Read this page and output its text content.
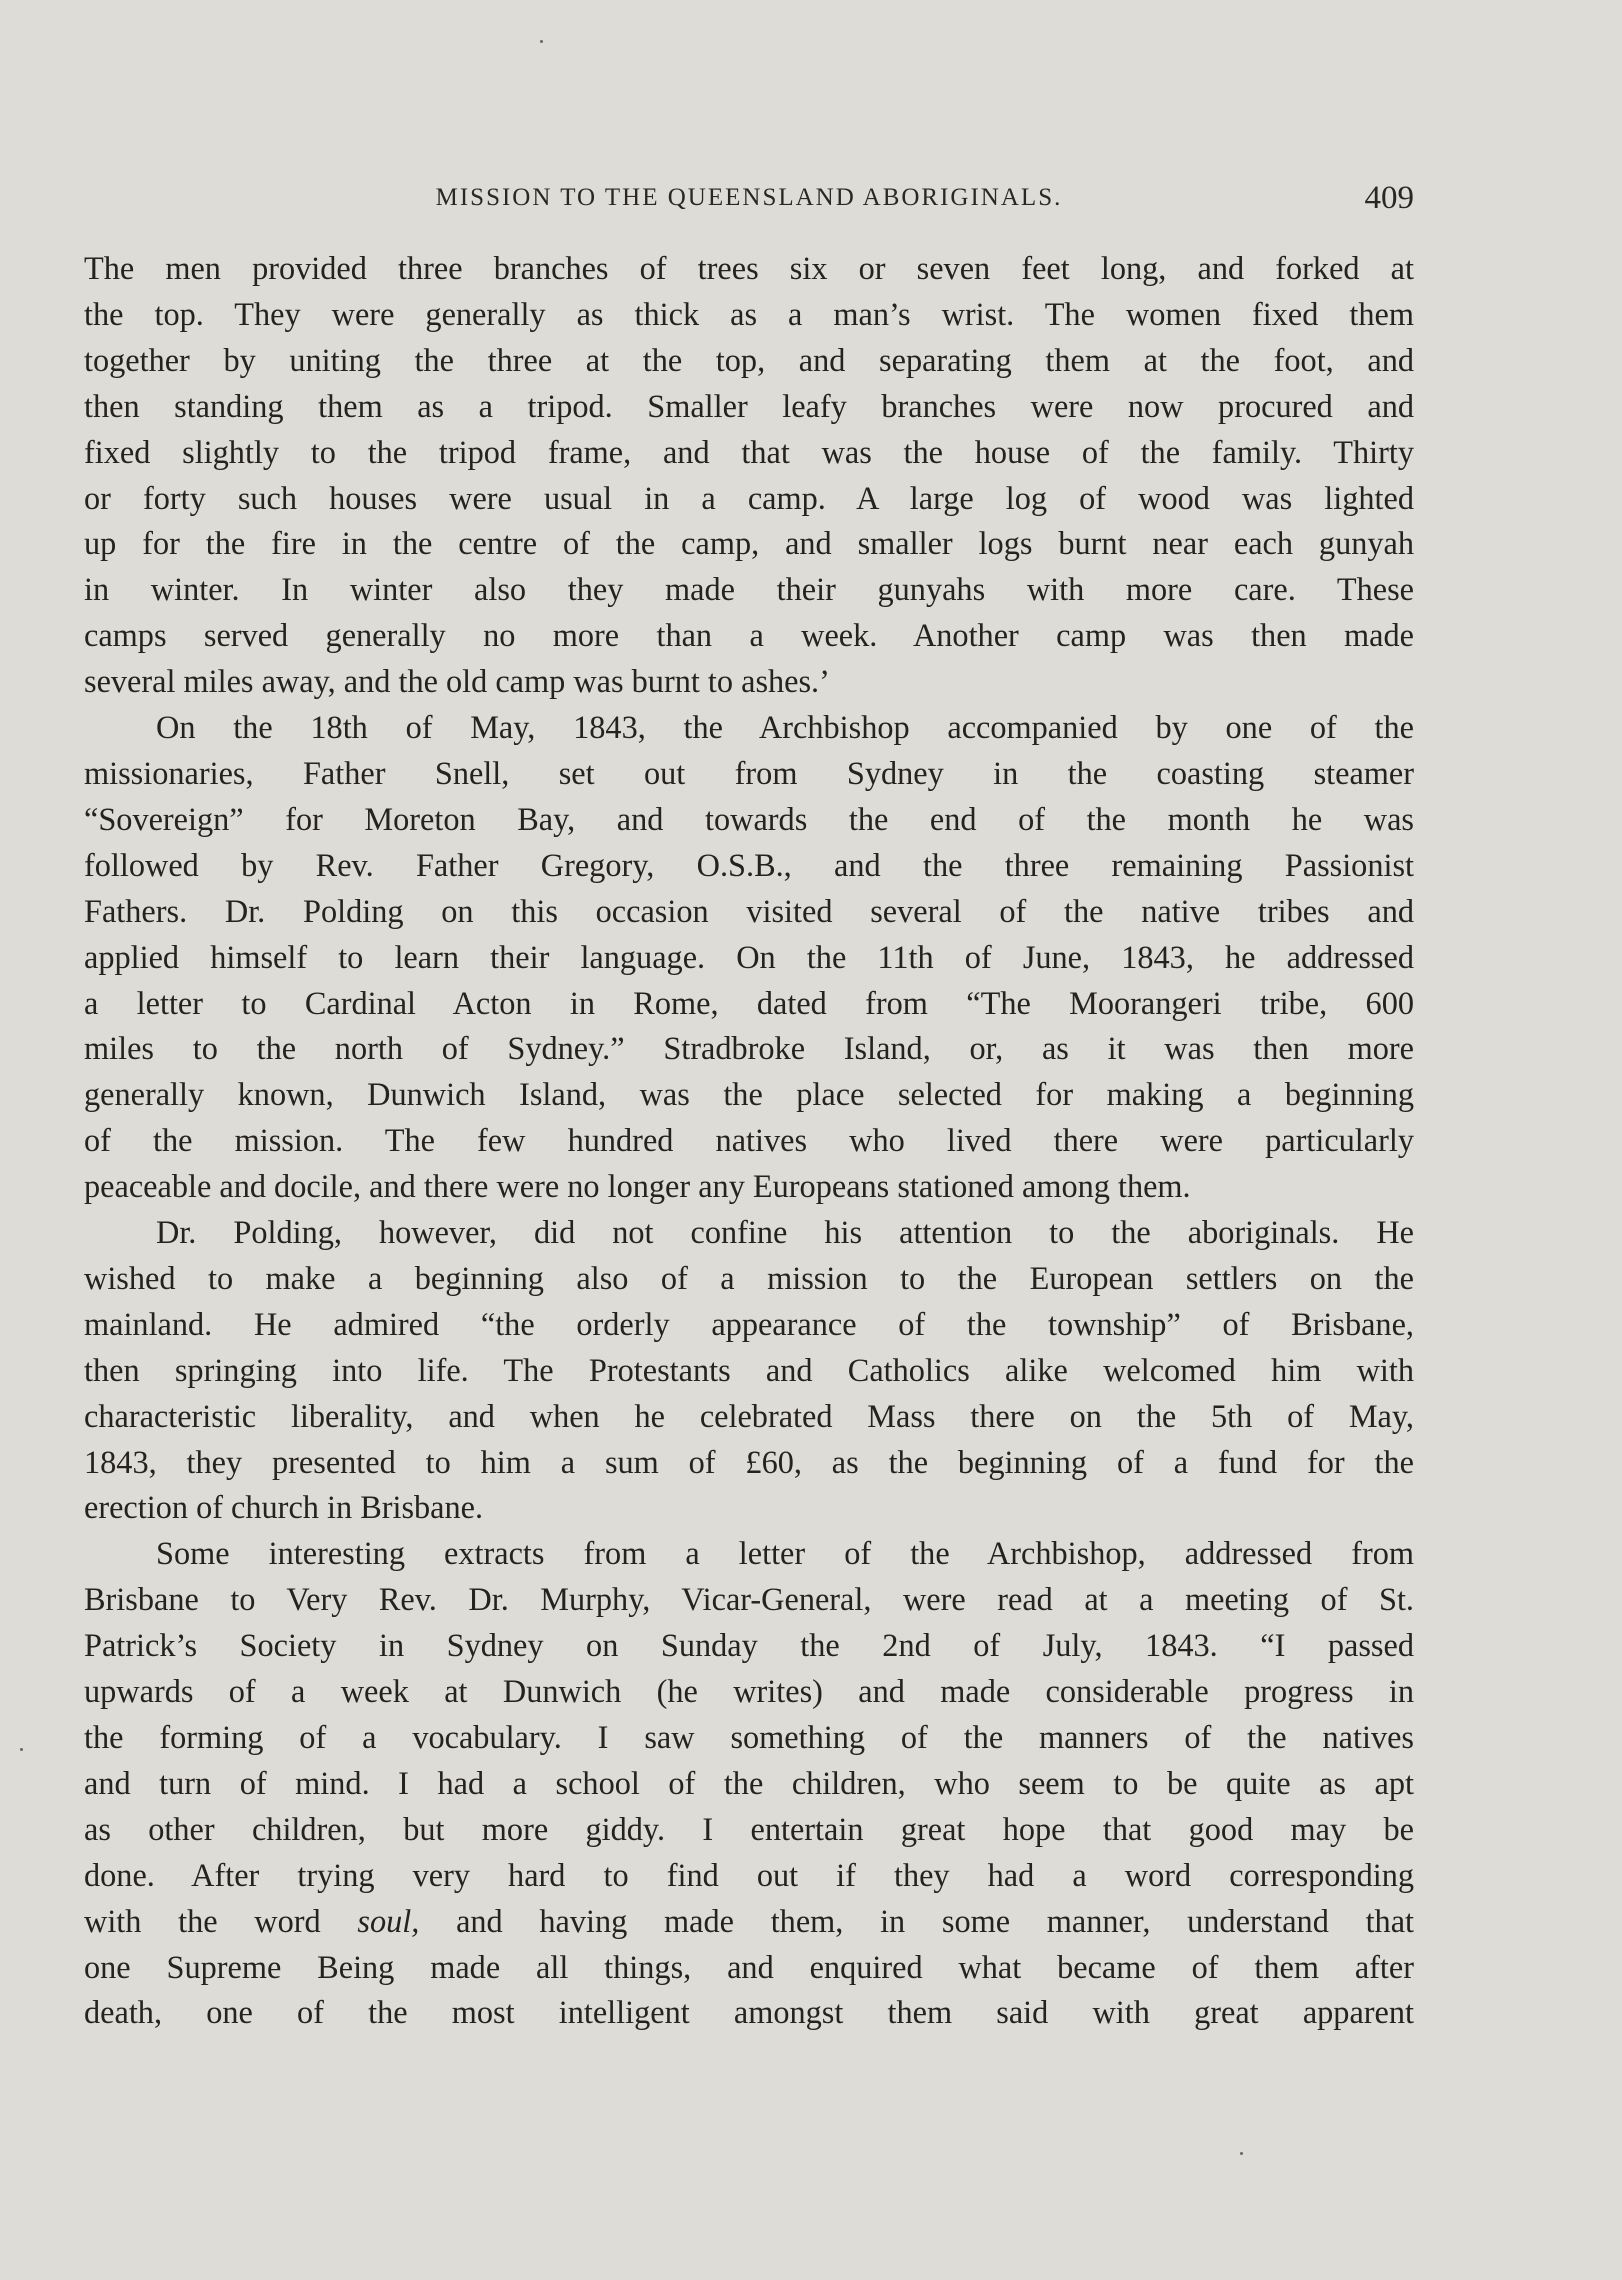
MISSION TO THE QUEENSLAND ABORIGINALS.	409

The men provided three branches of trees six or seven feet long, and forked at
the top. They were generally as thick as a man’s wrist. The women fixed them
together by uniting the three at the top, and separating them at the foot, and
then standing them as a tripod. Smaller leafy branches were now procured and
fixed slightly to the tripod frame, and that was the house of the family. Thirty
or forty such houses were usual in a camp. A large log of wood was lighted
up for the fire in the centre of the camp, and smaller logs burnt near each gunyah
in winter. In winter also they made their gunyahs with more care. These
camps served generally no more than a week. Another camp was then made
several miles away, and the old camp was burnt to ashes.’

On the 18th of May, 1843, the Archbishop accompanied by one of the
missionaries, Father Snell, set out from Sydney in the coasting steamer
“Sovereign” for Moreton Bay, and towards the end of the month he was
followed by Rev. Father Gregory, O.S.B., and the three remaining Passionist
Fathers. Dr. Polding on this occasion visited several of the native tribes and
applied himself to learn their language. On the 11th of June, 1843, he addressed
a letter to Cardinal Acton in Rome, dated from “The Moorangeri tribe, 600
miles to the north of Sydney.” Stradbroke Island, or, as it was then more
generally known, Dunwich Island, was the place selected for making a beginning
of the mission. The few hundred natives who lived there were particularly
peaceable and docile, and there were no longer any Europeans stationed among them.

Dr. Polding, however, did not confine his attention to the aboriginals. He
wished to make a beginning also of a mission to the European settlers on the
mainland. He admired “the orderly appearance of the township” of Brisbane,
then springing into life. The Protestants and Catholics alike welcomed him with
characteristic liberality, and when he celebrated Mass there on the 5th of May,
1843, they presented to him a sum of £60, as the beginning of a fund for the
erection of church in Brisbane.

Some interesting extracts from a letter of the Archbishop, addressed from
Brisbane to Very Rev. Dr. Murphy, Vicar-General, were read at a meeting of St.
Patrick’s Society in Sydney on Sunday the 2nd of July, 1843. “I passed
upwards of a week at Dunwich (he writes) and made considerable progress in
the forming of a vocabulary. I saw something of the manners of the natives
and turn of mind. I had a school of the children, who seem to be quite as apt
as other children, but more giddy. I entertain great hope that good may be
done. After trying very hard to find out if they had a word corresponding
with the word soul, and having made them, in some manner, understand that
one Supreme Being made all things, and enquired what became of them after
death, one of the most intelligent amongst them said with great apparent
